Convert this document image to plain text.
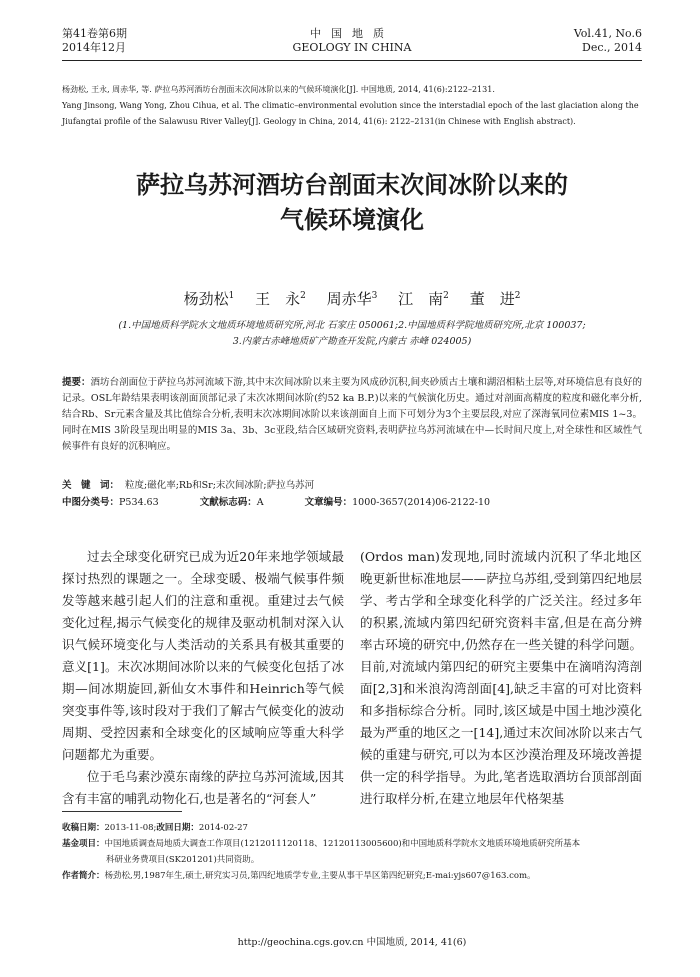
第41卷第6期
2014年12月
中国地质
GEOLOGY IN CHINA
Vol.41, No.6
Dec., 2014
杨劲松, 王永, 周赤华, 等. 萨拉乌苏河酒坊台剖面末次间冰阶以来的气候环境演化[J]. 中国地质, 2014, 41(6):2122–2131.
Yang Jinsong, Wang Yong, Zhou Cihua, et al. The climatic–environmental evolution since the interstadial epoch of the last glaciation along the
Jiufangtai profile of the Salawusu River Valley[J]. Geology in China, 2014, 41(6): 2122–2131(in Chinese with English abstract).
萨拉乌苏河酒坊台剖面末次间冰阶以来的
气候环境演化
杨劲松$^1$ 王　永$^2$ 周赤华$^3$ 江　南$^2$ 董　进$^2$
(1.中国地质科学院水文地质环境地质研究所,河北 石家庄 050061;2.中国地质科学院地质研究所,北京 100037;
3.内蒙古赤峰地质矿产勘查开发院,内蒙古 赤峰 024005)
提要：酒坊台剖面位于萨拉乌苏河流域下游,其中末次间冰阶以来主要为风成砂沉积,间夹砂质古土壤和湖沼相粘土层等,对环境信息有良好的记录。OSL年龄结果表明该剖面顶部记录了末次冰期间冰阶(约52 ka B.P.)以来的气候演化历史。通过对剖面高精度的粒度和磁化率分析,结合Rb、Sr元素含量及其比值综合分析,表明末次冰期间冰阶以来该剖面自上而下可划分为3个主要层段,对应了深海氧同位素MIS 1~3。同时在MIS 3阶段呈现出明显的MIS 3a、3b、3c亚段,结合区域研究资料,表明萨拉乌苏河流域在中—长时间尺度上,对全球性和区域性气候事件有良好的沉积响应。
关　键　词： 粒度;磁化率;Rb和Sr;末次间冰阶;萨拉乌苏河
中图分类号：P534.63	文献标志码：A	文章编号：1000-3657(2014)06-2122-10

过去全球变化研究已成为近20年来地学领域最探讨热烈的课题之一。全球变暖、极端气候事件频发等越来越引起人们的注意和重视。重建过去气候变化过程,揭示气候变化的规律及驱动机制对深入认识气候环境变化与人类活动的关系具有极其重要的意义[1]。末次冰期间冰阶以来的气候变化包括了冰期—间冰期旋回,新仙女木事件和Heinrich等气候突变事件等,该时段对于我们了解古气候变化的波动周期、受控因素和全球变化的区域响应等重大科学问题都尤为重要。

位于毛乌素沙漠东南缘的萨拉乌苏河流域,因其含有丰富的哺乳动物化石,也是著名的“河套人”

(Ordos man)发现地,同时流域内沉积了华北地区晚更新世标准地层——萨拉乌苏组,受到第四纪地层学、考古学和全球变化科学的广泛关注。经过多年的积累,流域内第四纪研究资料丰富,但是在高分辨率古环境的研究中,仍然存在一些关键的科学问题。目前,对流域内第四纪的研究主要集中在滴哨沟湾剖面[2,3]和米浪沟湾剖面[4],缺乏丰富的可对比资料和多指标综合分析。同时,该区域是中国土地沙漠化最为严重的地区之一[14],通过末次间冰阶以来古气候的重建与研究,可以为本区沙漠治理及环境改善提供一定的科学指导。为此,笔者选取酒坊台顶部剖面进行取样分析,在建立地层年代格架基

收稿日期：2013-11-08;改回日期：2014-02-27
基金项目：中国地质调查局地质大调查工作项目(1212011120118、12120113005600)和中国地质科学院水文地质环境地质研究所基本
科研业务费项目(SK201201)共同资助。
作者简介：杨劲松,男,1987年生,硕士,研究实习员,第四纪地质学专业,主要从事干旱区第四纪研究;E-mai:yjs607@163.com。
http://geochina.cgs.gov.cn 中国地质, 2014, 41(6)
